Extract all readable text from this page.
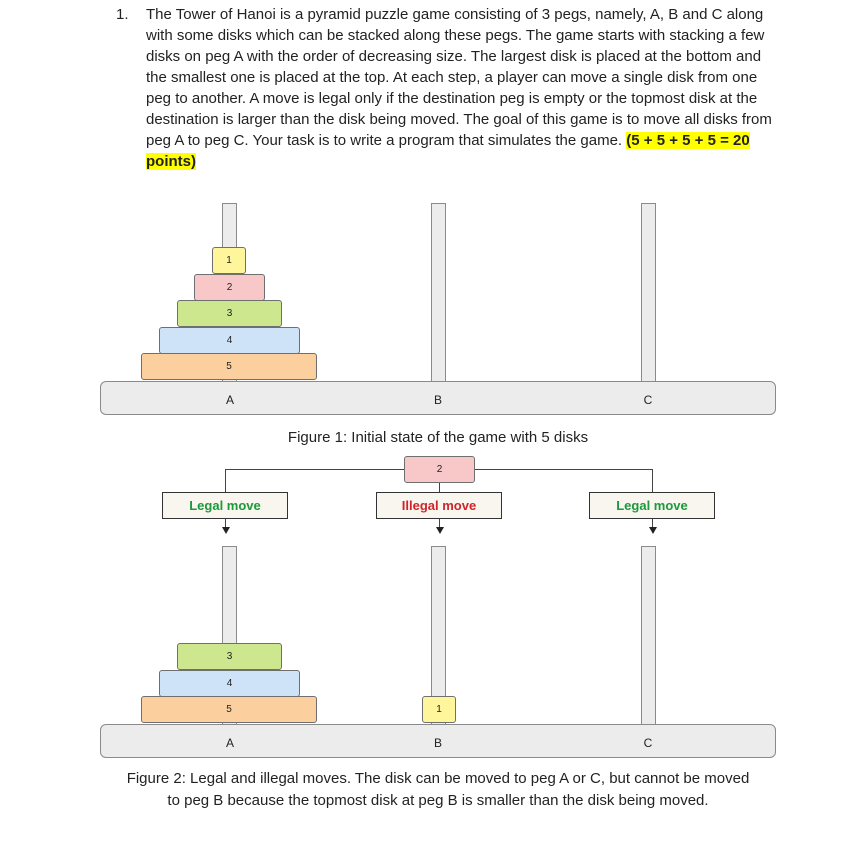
1. The Tower of Hanoi is a pyramid puzzle game consisting of 3 pegs, namely, A, B and C along with some disks which can be stacked along these pegs. The game starts with stacking a few disks on peg A with the order of decreasing size. The largest disk is placed at the bottom and the smallest one is placed at the top. At each step, a player can move a single disk from one peg to another. A move is legal only if the destination peg is empty or the topmost disk at the destination is larger than the disk being moved. The goal of this game is to move all disks from peg A to peg C. Your task is to write a program that simulates the game. (5 + 5 + 5 + 5 = 20 points)
1
2
3
4
5
A	B	C
Figure 1: Initial state of the game with 5 disks
2
Legal move	Illegal move	Legal move
3
4
5	1
A	B	C
Figure 2: Legal and illegal moves. The disk can be moved to peg A or C, but cannot be moved
to peg B because the topmost disk at peg B is smaller than the disk being moved.
